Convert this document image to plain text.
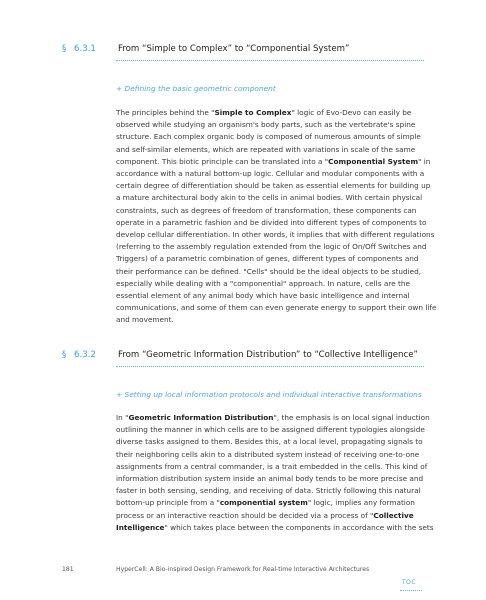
§ 6.3.1	From “Simple to Complex” to “Componential System”
+ Defining the basic geometric component
The principles behind the "Simple to Complex" logic of Evo-Devo can easily be
observed while studying an organism's body parts, such as the vertebrate's spine
structure. Each complex organic body is composed of numerous amounts of simple
and self-similar elements, which are repeated with variations in scale of the same
component. This biotic principle can be translated into a "Componential System" in
accordance with a natural bottom-up logic. Cellular and modular components with a
certain degree of differentiation should be taken as essential elements for building up
a mature architectural body akin to the cells in animal bodies. With certain physical
constraints, such as degrees of freedom of transformation, these components can
operate in a parametric fashion and be divided into different types of components to
develop cellular differentiation. In other words, it implies that with different regulations
(referring to the assembly regulation extended from the logic of On/Off Switches and
Triggers) of a parametric combination of genes, different types of components and
their performance can be defined. "Cells" should be the ideal objects to be studied,
especially while dealing with a "componential" approach. In nature, cells are the
essential element of any animal body which have basic intelligence and internal
communications, and some of them can even generate energy to support their own life
and movement.
§ 6.3.2	From “Geometric Information Distribution” to “Collective Intelligence”
+ Setting up local information protocols and individual interactive transformations
In "Geometric Information Distribution", the emphasis is on local signal induction
outlining the manner in which cells are to be assigned different typologies alongside
diverse tasks assigned to them. Besides this, at a local level, propagating signals to
their neighboring cells akin to a distributed system instead of receiving one-to-one
assignments from a central commander, is a trait embedded in the cells. This kind of
information distribution system inside an animal body tends to be more precise and
faster in both sensing, sending, and receiving of data. Strictly following this natural
bottom-up principle from a "componential system" logic, implies any formation
process or an interactive reaction should be decided via a process of "Collective
Intelligence" which takes place between the components in accordance with the sets
181	HyperCell: A Bio-inspired Design Framework for Real-time Interactive Architectures
TOC
